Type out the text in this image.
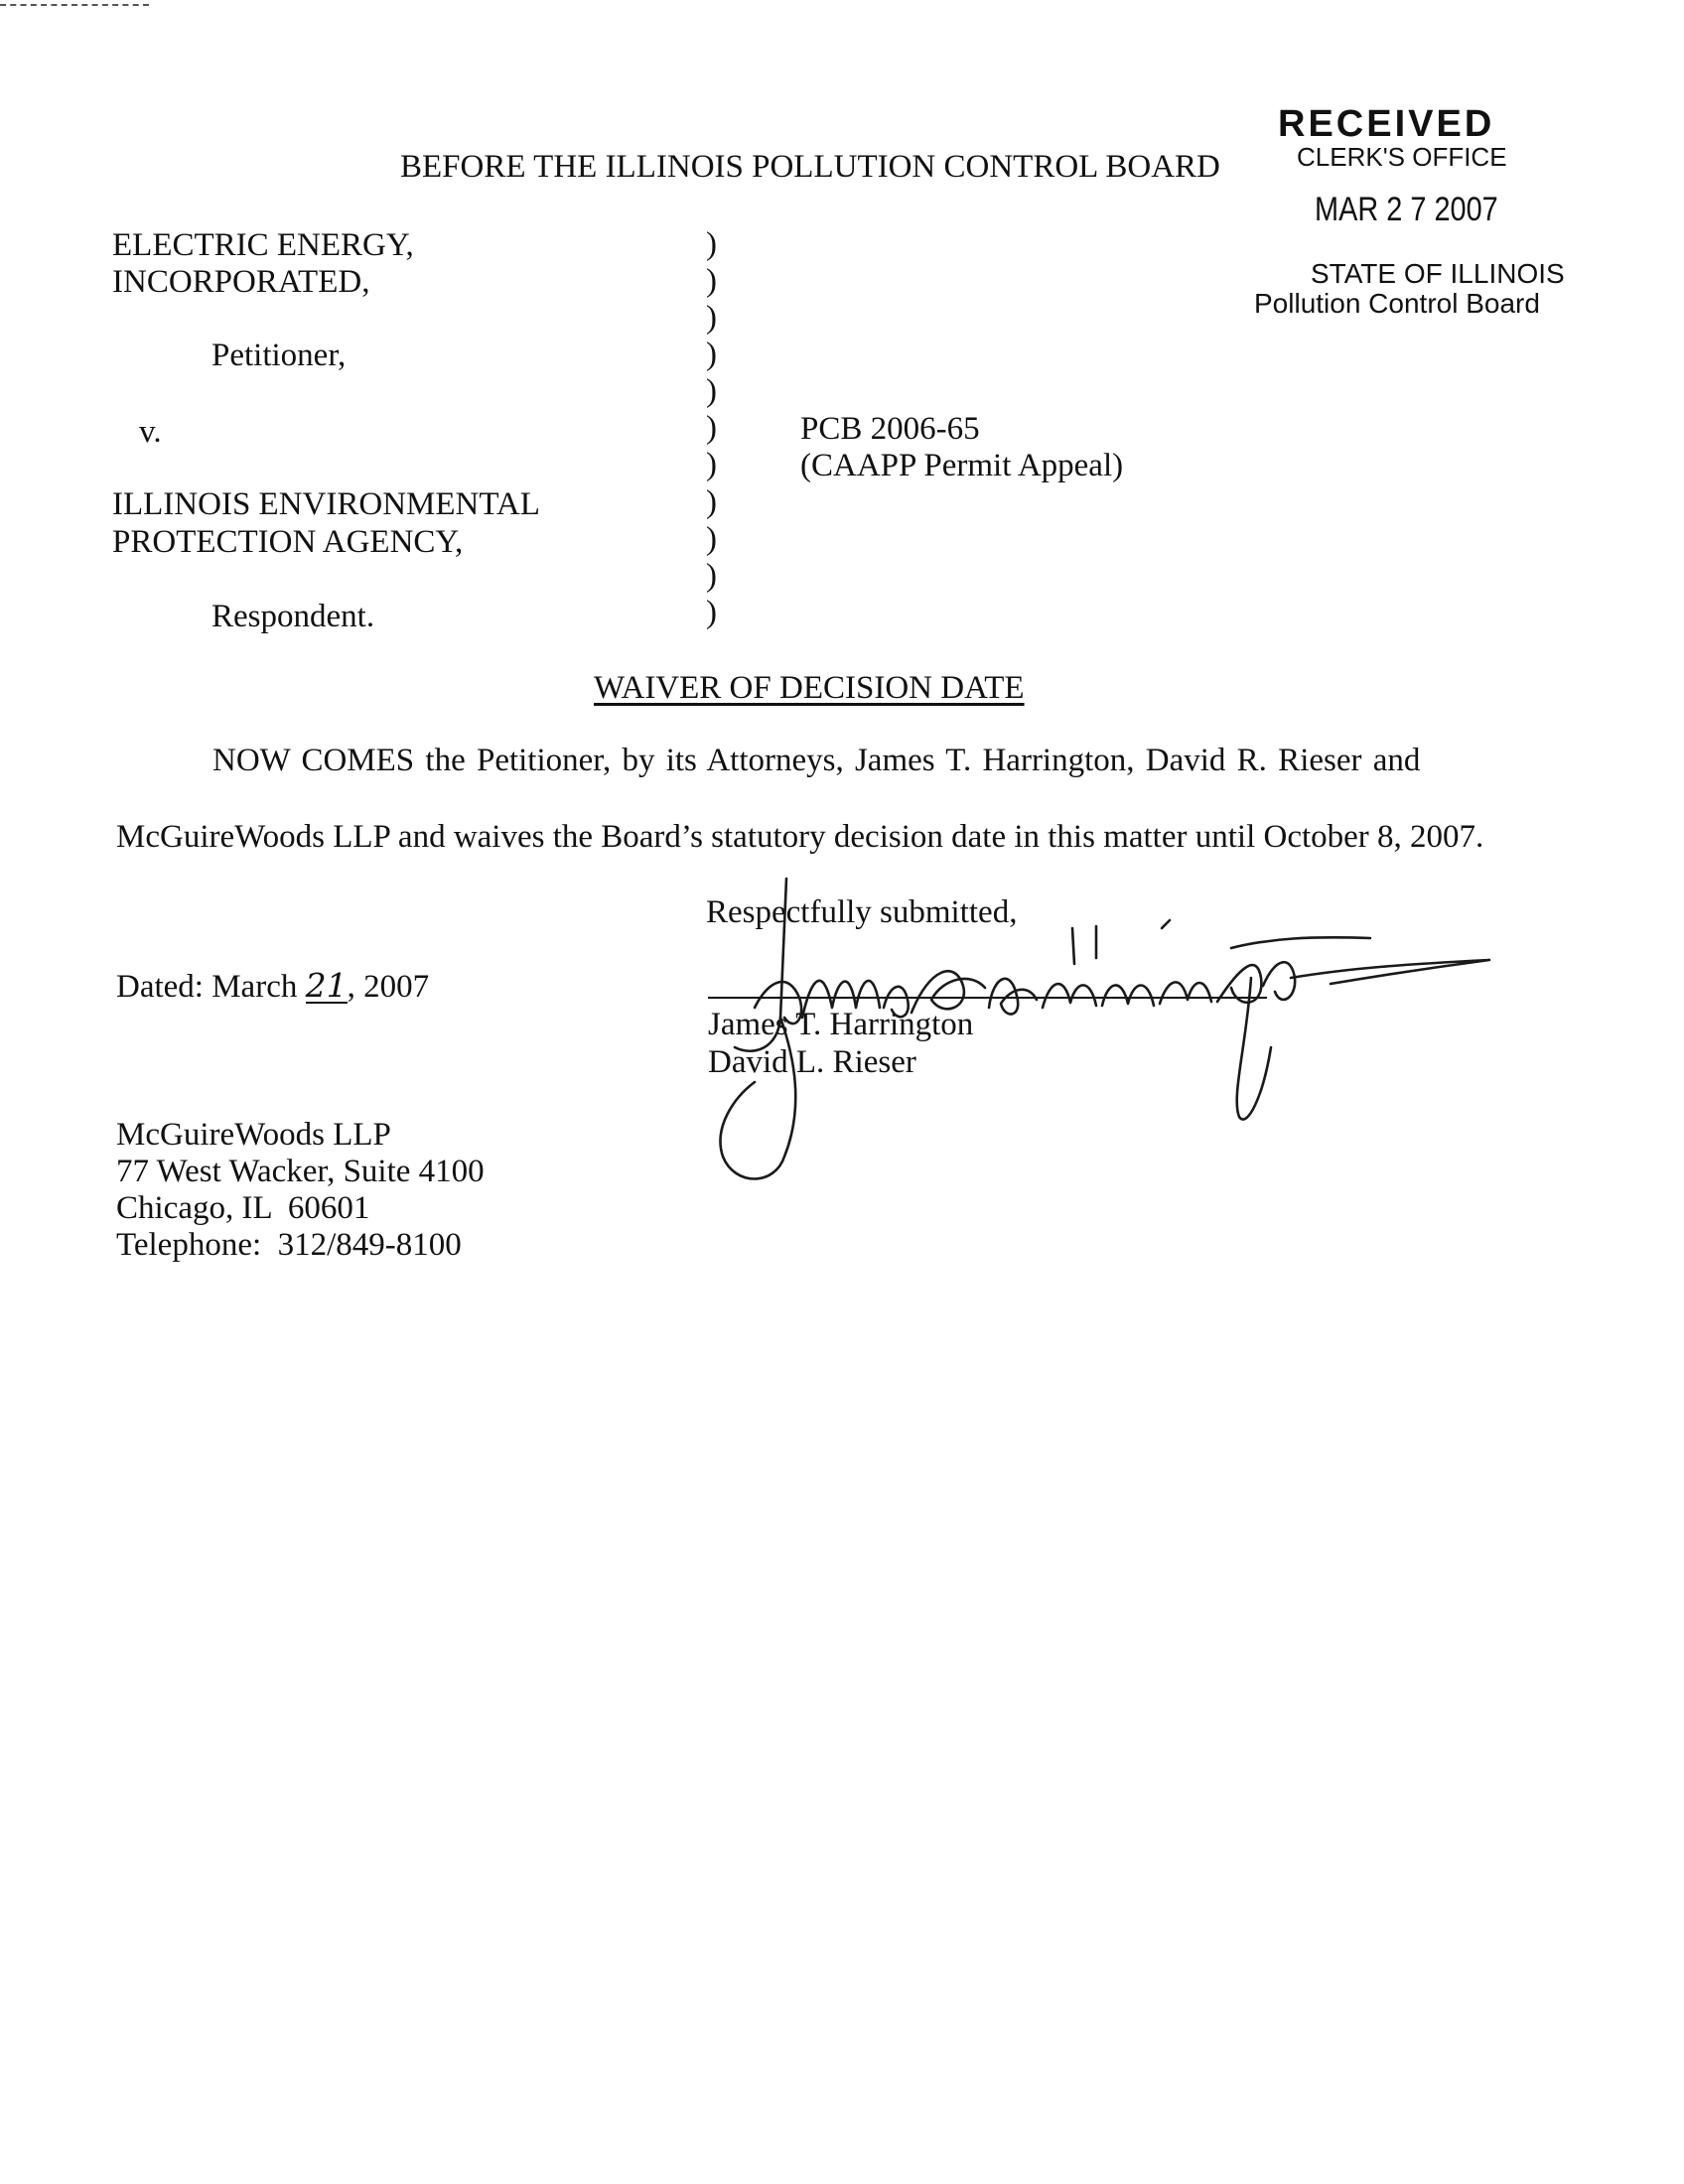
RECEIVED
CLERK'S OFFICE
MAR 2 7 2007
STATE OF ILLINOIS
Pollution Control Board
BEFORE THE ILLINOIS POLLUTION CONTROL BOARD
ELECTRIC ENERGY,
INCORPORATED,
Petitioner,
v.
ILLINOIS ENVIRONMENTAL
PROTECTION AGENCY,
Respondent.
)
)
)
)
)
)
)
)
)
)
)
PCB 2006-65
(CAAPP Permit Appeal)
WAIVER OF DECISION DATE
NOW COMES the Petitioner, by its Attorneys, James T. Harrington, David R. Rieser and
McGuireWoods LLP and waives the Board’s statutory decision date in this matter until October 8, 2007.
Dated: March 21, 2007
Respectfully submitted,
James T. Harrington
David L. Rieser
McGuireWoods LLP
77 West Wacker, Suite 4100
Chicago, IL  60601
Telephone:  312/849-8100
